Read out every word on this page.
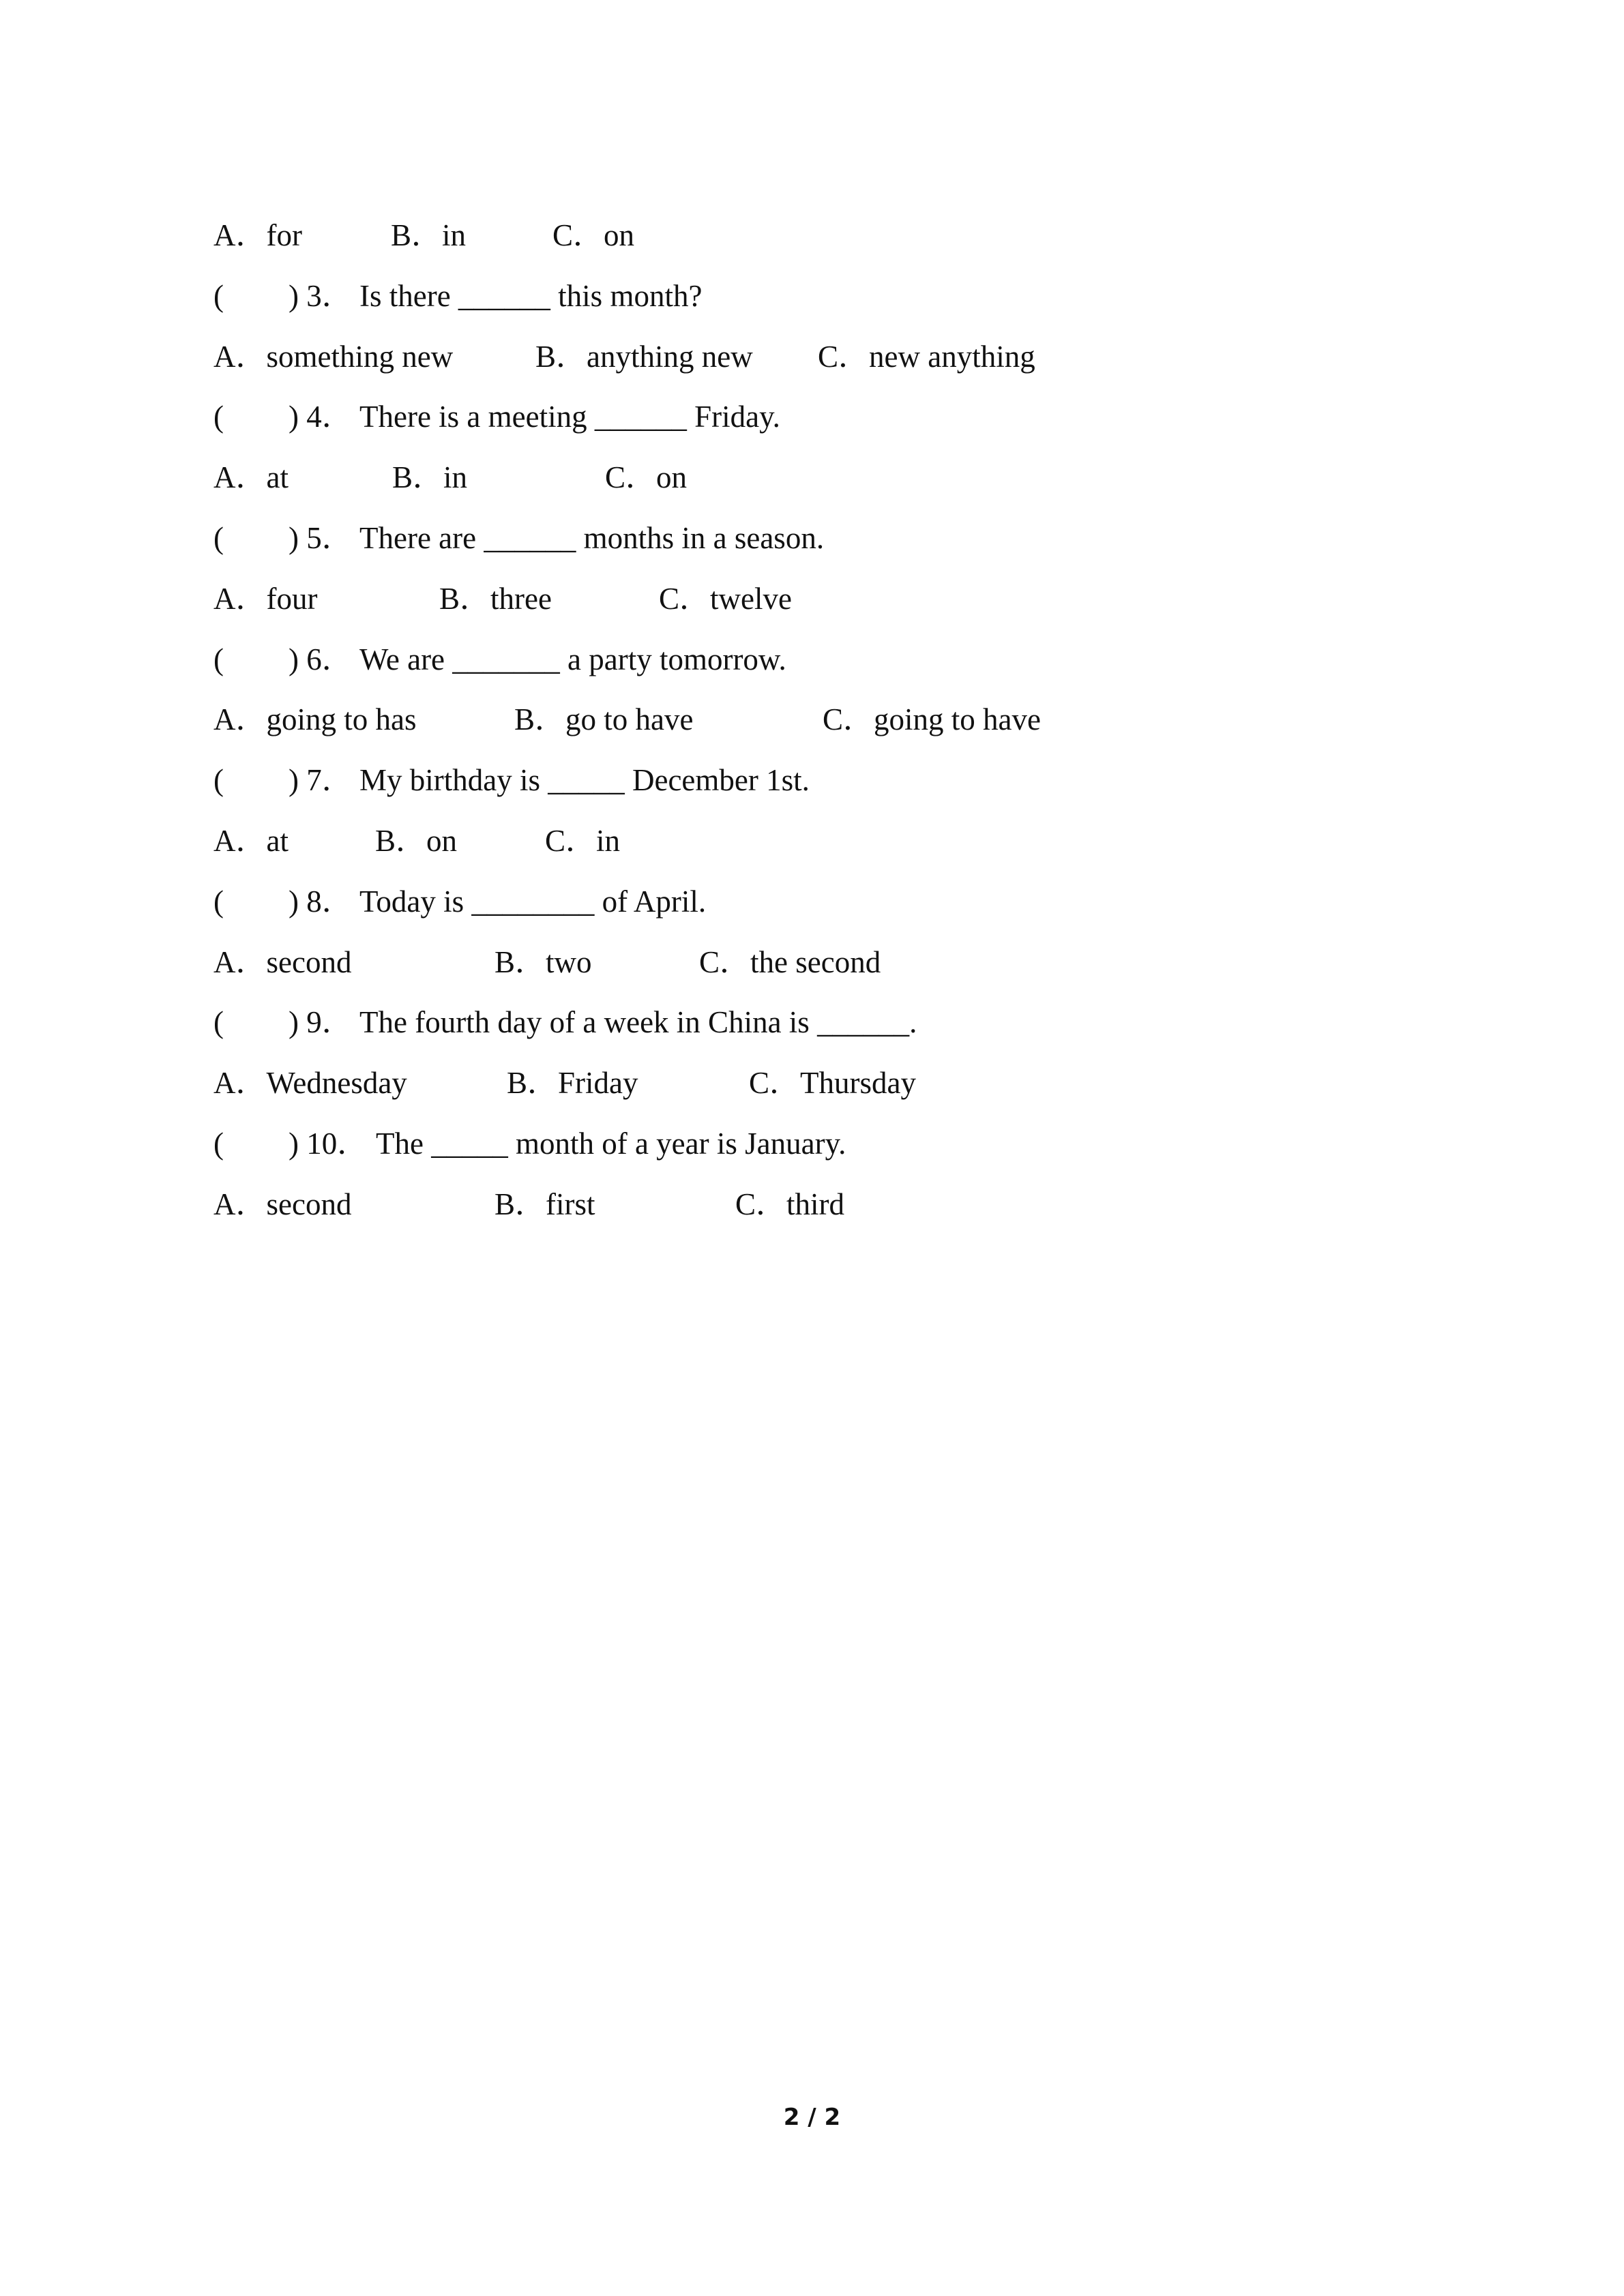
A．for	B．in	C．on
( ) 3． Is there ______ this month?
A．something new	B．anything new C．new anything
( ) 4． There is a meeting ______ Friday.
A．at	B．in	C．on
( ) 5． There are ______ months in a season.
A．four	B．three	C．twelve
( ) 6． We are _______ a party tomorrow.
A．going to has	B．go to have	C．going to have
( ) 7． My birthday is _____ December 1st.
A．at	B．on	C．in
( ) 8． Today is ________ of April.
A．second	B．two	C．the second
( ) 9． The fourth day of a week in China is ______.
A．Wednesday	B．Friday	C．Thursday
( ) 10． The _____ month of a year is January.
A．second	B．first	C．third
2 / 2
